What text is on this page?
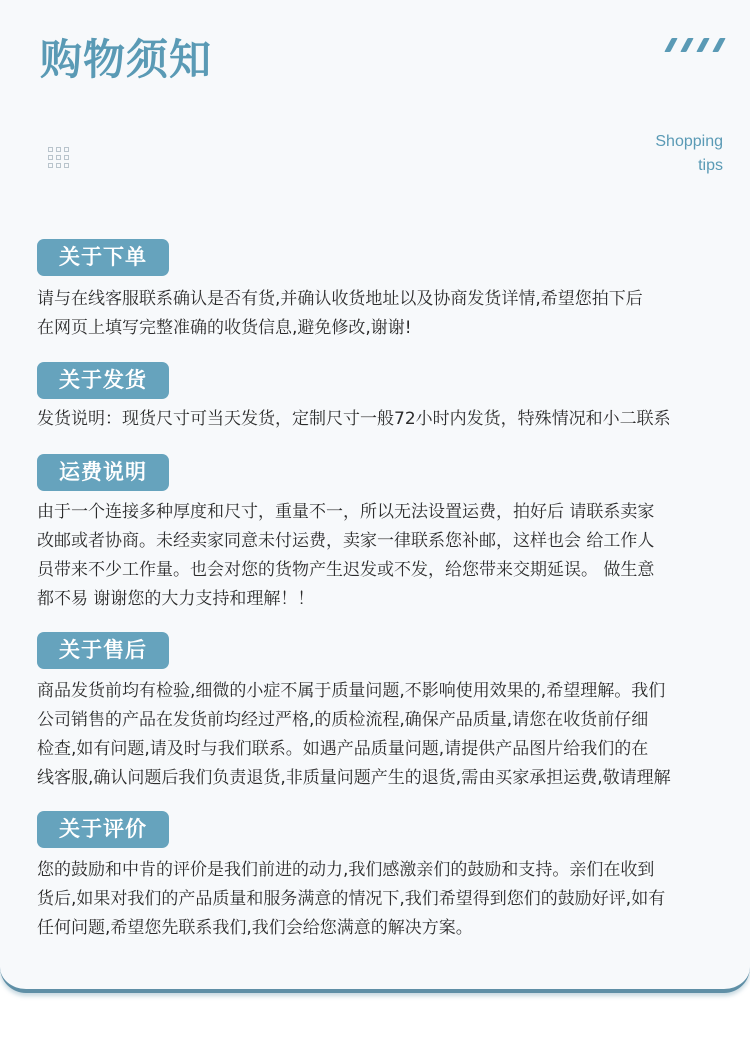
购物须知
Shopping
tips
关于下单

请与在线客服联系确认是否有货,并确认收货地址以及协商发货详情,希望您拍下后
在网页上填写完整准确的收货信息,避免修改,谢谢!

关于发货

发货说明：现货尺寸可当天发货，定制尺寸一般72小时内发货，特殊情况和小二联系

运费说明

由于一个连接多种厚度和尺寸，重量不一，所以无法设置运费，拍好后 请联系卖家
改邮或者协商。未经卖家同意未付运费，卖家一律联系您补邮，这样也会 给工作人
员带来不少工作量。也会对您的货物产生迟发或不发，给您带来交期延误。 做生意
都不易 谢谢您的大力支持和理解！！

关于售后

商品发货前均有检验,细微的小症不属于质量问题,不影响使用效果的,希望理解。我们
公司销售的产品在发货前均经过严格,的质检流程,确保产品质量,请您在收货前仔细
检查,如有问题,请及时与我们联系。如遇产品质量问题,请提供产品图片给我们的在
线客服,确认问题后我们负责退货,非质量问题产生的退货,需由买家承担运费,敬请理解

关于评价

您的鼓励和中肯的评价是我们前进的动力,我们感激亲们的鼓励和支持。亲们在收到
货后,如果对我们的产品质量和服务满意的情况下,我们希望得到您们的鼓励好评,如有
任何问题,希望您先联系我们,我们会给您满意的解决方案。
